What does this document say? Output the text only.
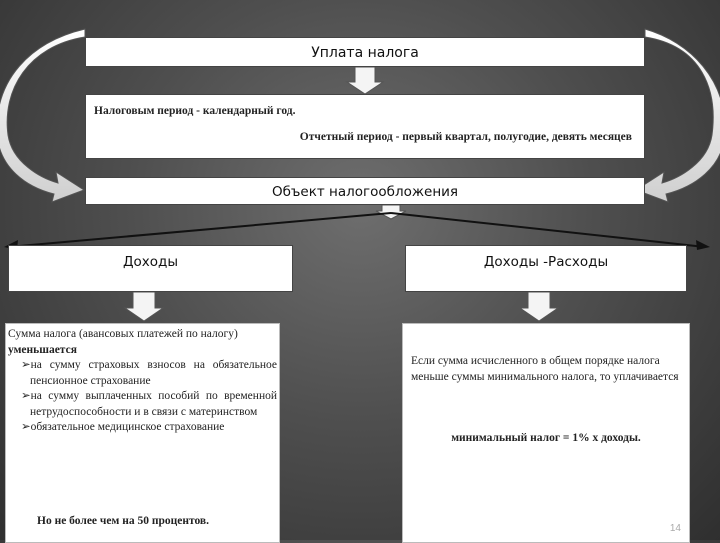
Уплата налога
Налоговым период - календарный год.
Отчетный период - первый квартал, полугодие, девять месяцев
Объект налогообложения
Доходы	Доходы -Расходы

Сумма налога (авансовых платежей по налогу)

уменьшается

➢на сумму страховых взносов на обязательное пенсионное страхование

➢на сумму выплаченных пособий по временной нетрудоспособности и в связи с материнством

➢обязательное медицинское страхование

Но не более чем на 50 процентов.
Если сумма исчисленного в общем порядке налога меньше суммы минимального налога, то уплачивается
минимальный налог = 1% х доходы.
14
